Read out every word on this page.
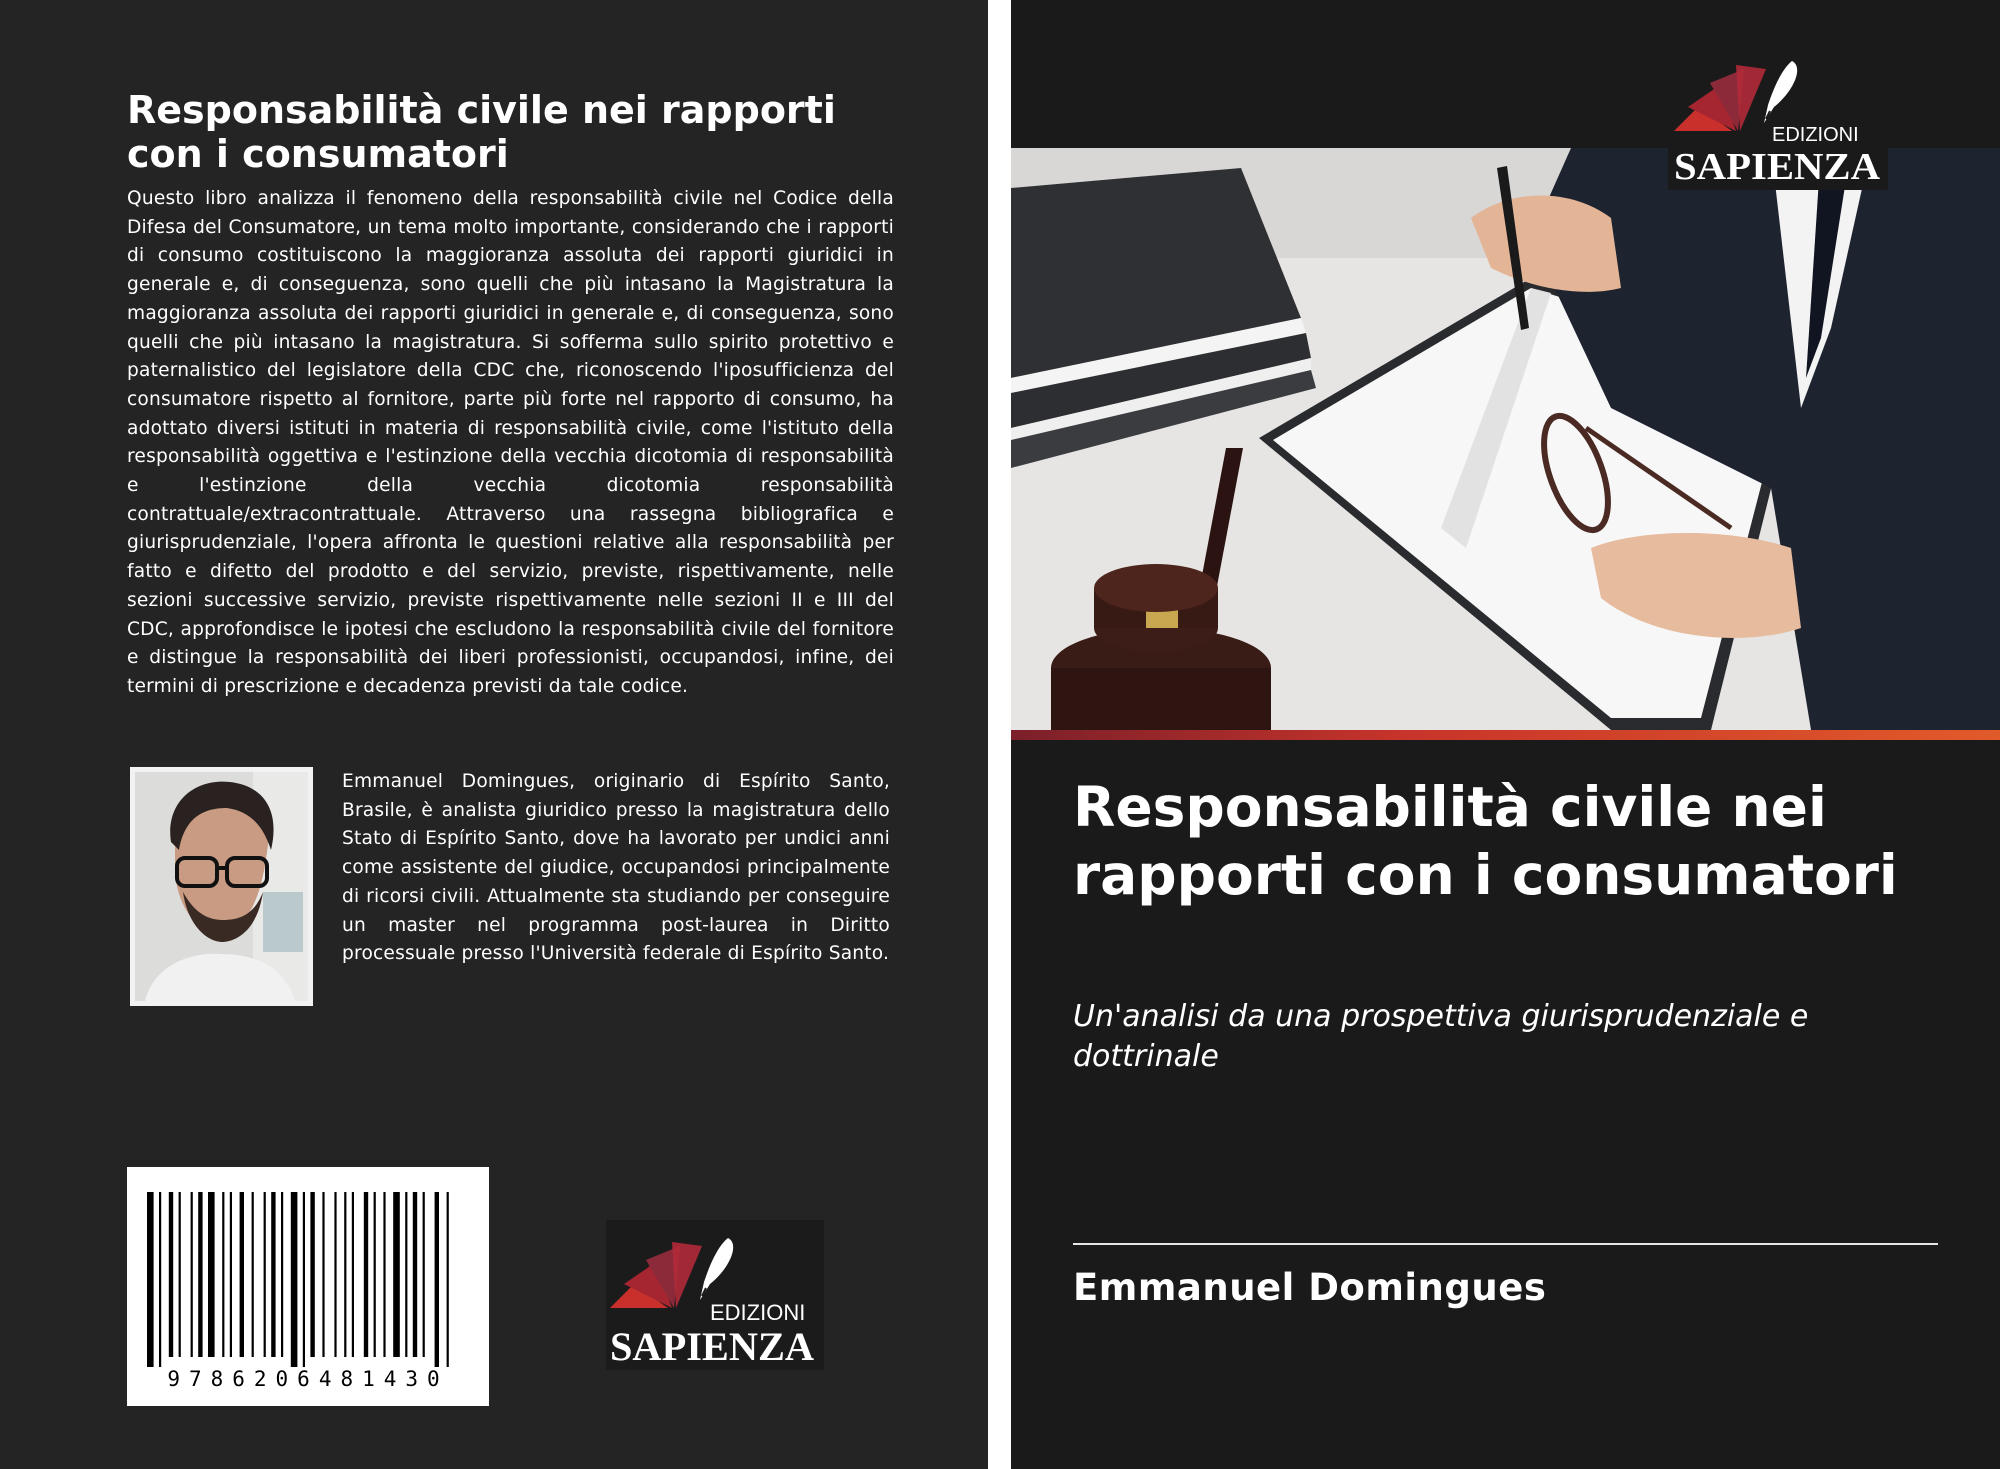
Responsabilità civile nei rapporti con i consumatori
Questo libro analizza il fenomeno della responsabilità civile nel Codice della Difesa del Consumatore, un tema molto importante, considerando che i rapporti di consumo costituiscono la maggioranza assoluta dei rapporti giuridici in generale e, di conseguenza, sono quelli che più intasano la Magistratura la maggioranza assoluta dei rapporti giuridici in generale e, di conseguenza, sono quelli che più intasano la magistratura. Si sofferma sullo spirito protettivo e paternalistico del legislatore della CDC che, riconoscendo l'iposufficienza del consumatore rispetto al fornitore, parte più forte nel rapporto di consumo, ha adottato diversi istituti in materia di responsabilità civile, come l'istituto della responsabilità oggettiva e l'estinzione della vecchia dicotomia di responsabilità e l'estinzione della vecchia dicotomia responsabilità contrattuale/extracontrattuale. Attraverso una rassegna bibliografica e giurisprudenziale, l'opera affronta le questioni relative alla responsabilità per fatto e difetto del prodotto e del servizio, previste, rispettivamente, nelle sezioni successive servizio, previste rispettivamente nelle sezioni II e III del CDC, approfondisce le ipotesi che escludono la responsabilità civile del fornitore e distingue la responsabilità dei liberi professionisti, occupandosi, infine, dei termini di prescrizione e decadenza previsti da tale codice.
Emmanuel Domingues, originario di Espírito Santo, Brasile, è analista giuridico presso la magistratura dello Stato di Espírito Santo, dove ha lavorato per undici anni come assistente del giudice, occupandosi principalmente di ricorsi civili. Attualmente sta studiando per conseguire un master nel programma post-laurea in Diritto processuale presso l'Università federale di Espírito Santo.
9786206481430
EDIZIONI
SAPIENZA
EDIZIONI
SAPIENZA
Responsabilità civile nei rapporti con i consumatori
Un'analisi da una prospettiva giurisprudenziale e dottrinale
Emmanuel Domingues
